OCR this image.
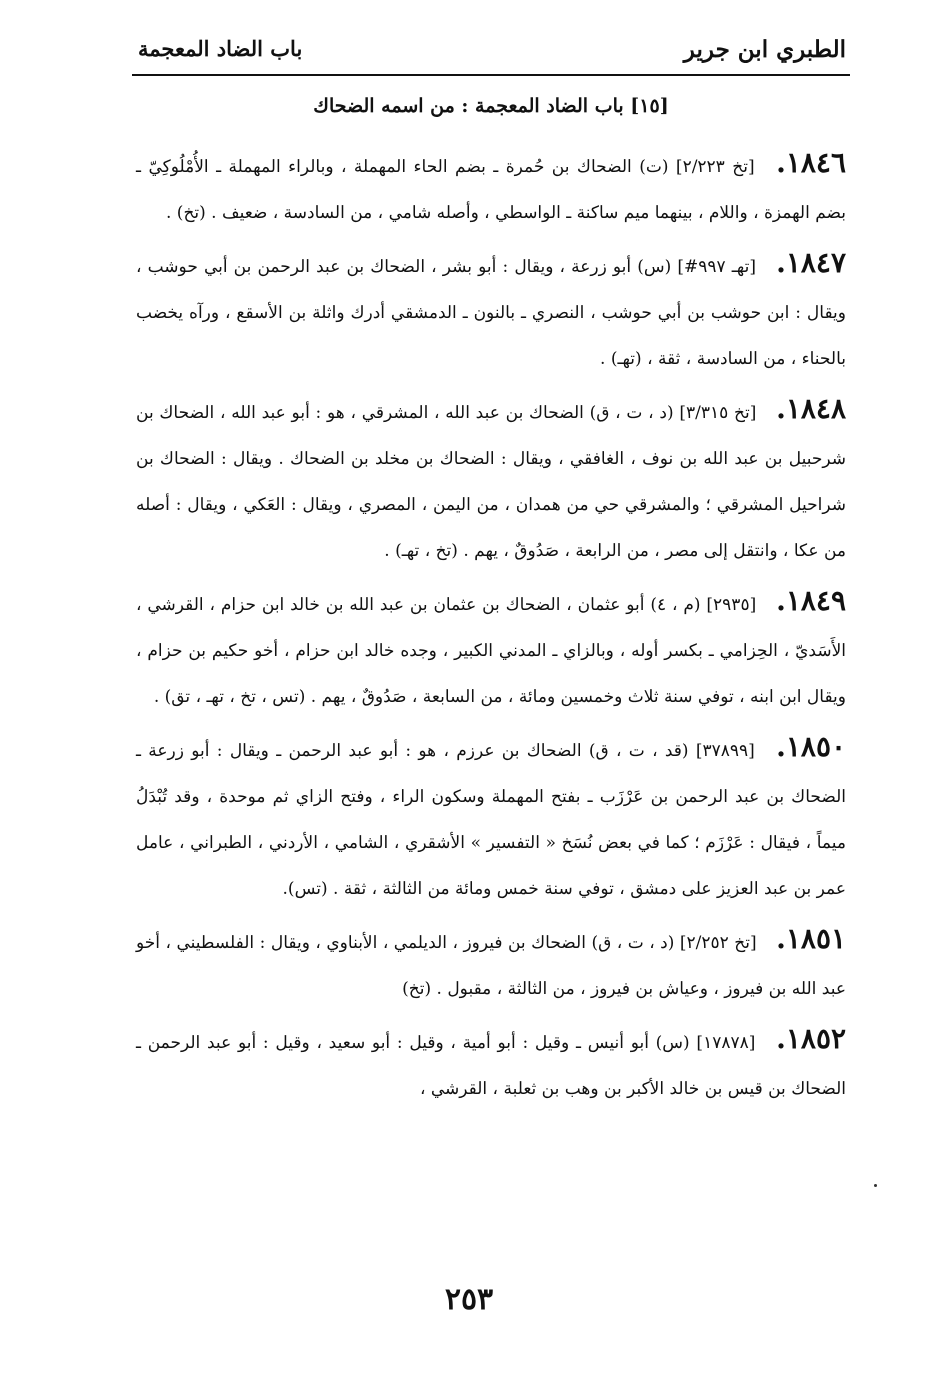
الطبري ابن جرير
باب الضاد المعجمة
[١٥] باب الضاد المعجمة : من اسمه الضحاك

١٨٤٦. [تخ ٢/٢٢٣] (ت) الضحاك بن حُمرة ـ بضم الحاء المهملة ، وبالراء المهملة ـ الأُمْلُوكِيّ ـ بضم الهمزة ، واللام ، بينهما ميم ساكنة ـ الواسطي ، وأصله شامي ، من السادسة ، ضعيف . (تخ) .

١٨٤٧. [تهـ ٩٩٧#] (س) أبو زرعة ، ويقال : أبو بشر ، الضحاك بن عبد الرحمن بن أبي حوشب ، ويقال : ابن حوشب بن أبي حوشب ، النصري ـ بالنون ـ الدمشقي أدرك واثلة بن الأسقع ، ورآه يخضب بالحناء ، من السادسة ، ثقة ، (تهـ) .

١٨٤٨. [تخ ٣/٣١٥] (د ، ت ، ق) الضحاك بن عبد الله ، المشرقي ، هو : أبو عبد الله ، الضحاك بن شرحبيل بن عبد الله بن نوف ، الغافقي ، ويقال : الضحاك بن مخلد بن الضحاك . ويقال : الضحاك بن شراحيل المشرقي ؛ والمشرقي حي من همدان ، من اليمن ، المصري ، ويقال : العَكي ، ويقال : أصله من عكا ، وانتقل إلى مصر ، من الرابعة ، صَدُوقٌ ، يهم . (تخ ، تهـ) .

١٨٤٩. [٢٩٣٥] (م ، ٤) أبو عثمان ، الضحاك بن عثمان بن عبد الله بن خالد ابن حزام ، القرشي ، الأَسَديّ ، الحِزامي ـ بكسر أوله ، وبالزاي ـ المدني الكبير ، وجده خالد ابن حزام ، أخو حكيم بن حزام ، ويقال ابن ابنه ، توفي سنة ثلاث وخمسين ومائة ، من السابعة ، صَدُوقٌ ، يهم . (تس ، تخ ، تهـ ، تق) .

١٨٥٠. [٣٧٨٩٩] (قد ، ت ، ق) الضحاك بن عرزم ، هو : أبو عبد الرحمن ـ ويقال : أبو زرعة ـ الضحاك بن عبد الرحمن بن عَرْزَب ـ بفتح المهملة وسكون الراء ، وفتح الزاي ثم موحدة ، وقد تُبْدَلُ ميماً ، فيقال : عَرْزَم ؛ كما في بعض نُسَخ « التفسير » الأشقري ، الشامي ، الأردني ، الطبراني ، عامل عمر بن عبد العزيز على دمشق ، توفي سنة خمس ومائة من الثالثة ، ثقة . (تس).

١٨٥١. [تخ ٢/٢٥٢] (د ، ت ، ق) الضحاك بن فيروز ، الديلمي ، الأبناوي ، ويقال : الفلسطيني ، أخو عبد الله بن فيروز ، وعياش بن فيروز ، من الثالثة ، مقبول . (تخ)

١٨٥٢. [١٧٨٧٨] (س) أبو أنيس ـ وقيل : أبو أمية ، وقيل : أبو سعيد ، وقيل : أبو عبد الرحمن ـ الضحاك بن قيس بن خالد الأكبر بن وهب بن ثعلبة ، القرشي ،

٢٥٣
